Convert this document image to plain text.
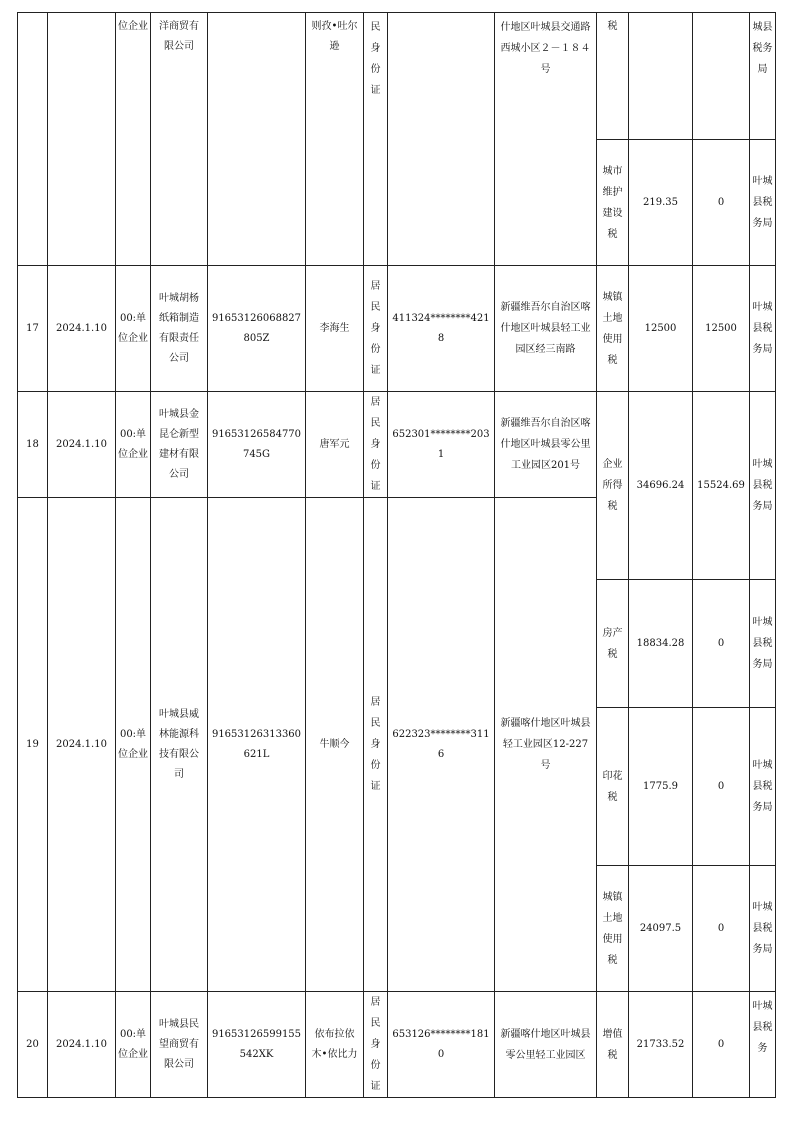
		位企业	洋商贸有限公司		则孜•吐尔逊	民身份证		什地区叶城县交通路西城小区２－１８４号	税			城县税务局
									城市维护建设税	219.35	0	叶城县税务局
17	2024.1.10	00:单位企业	叶城胡杨纸箱制造有限责任公司	91653126068827805Z	李海生	居民身份证	411324********4218	新疆维吾尔自治区喀什地区叶城县轻工业园区经三南路	城镇土地使用税	12500	12500	叶城县税务局
18	2024.1.10	00:单位企业	叶城县金昆仑新型建材有限公司	91653126584770745G	唐军元	居民身份证	652301********2031	新疆维吾尔自治区喀什地区叶城县零公里工业园区201号	企业所得税	34696.24	15524.69	叶城县税务局
19	2024.1.10	00:单位企业	叶城县威林能源科技有限公司	91653126313360621L	牛顺今	居民身份证	622323********3116	新疆喀什地区叶城县轻工业园区12-227号				
									房产税	18834.28	0	叶城县税务局
									印花税	1775.9	0	叶城县税务局
									城镇土地使用税	24097.5	0	叶城县税务局
20	2024.1.10	00:单位企业	叶城县民望商贸有限公司	91653126599155542XK	依布拉依木•依比力	居民身份证	653126********1810	新疆喀什地区叶城县零公里轻工业园区	增值税	21733.52	0	叶城县税务
